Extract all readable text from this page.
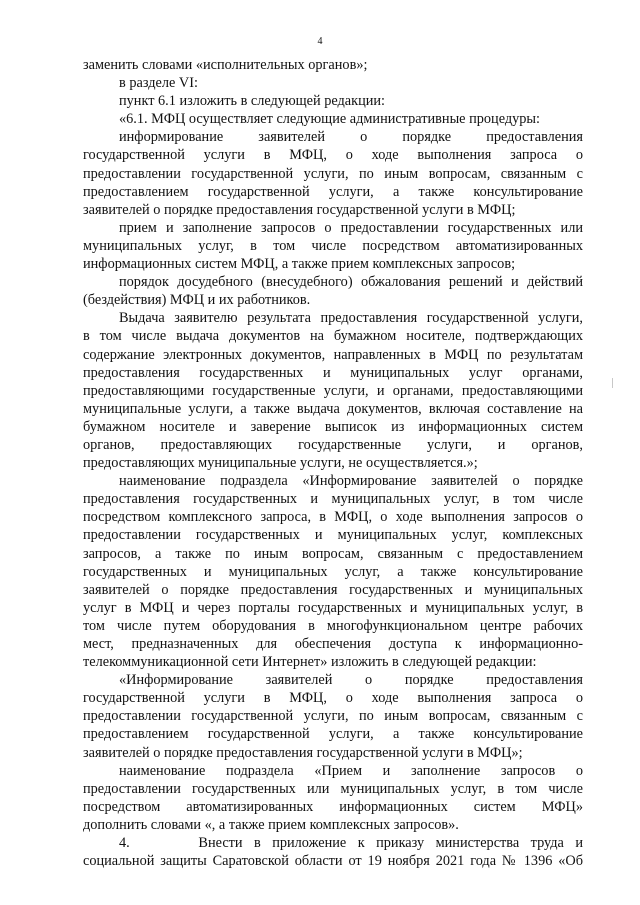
4
заменить словами «исполнительных органов»;
в разделе VI:
пункт 6.1 изложить в следующей редакции:
«6.1. МФЦ осуществляет следующие административные процедуры:
информирование заявителей о порядке предоставления
государственной услуги в МФЦ, о ходе выполнения запроса о
предоставлении государственной услуги, по иным вопросам, связанным с
предоставлением государственной услуги, а также консультирование
заявителей о порядке предоставления государственной услуги в МФЦ;
прием и заполнение запросов о предоставлении государственных или
муниципальных услуг, в том числе посредством автоматизированных
информационных систем МФЦ, а также прием комплексных запросов;
порядок досудебного (внесудебного) обжалования решений и действий
(бездействия) МФЦ и их работников.
Выдача заявителю результата предоставления государственной услуги,
в том числе выдача документов на бумажном носителе, подтверждающих
содержание электронных документов, направленных в МФЦ по результатам
предоставления государственных и муниципальных услуг органами,
предоставляющими государственные услуги, и органами, предоставляющими
муниципальные услуги, а также выдача документов, включая составление на
бумажном носителе и заверение выписок из информационных систем
органов, предоставляющих государственные услуги, и органов,
предоставляющих муниципальные услуги, не осуществляется.»;
наименование подраздела «Информирование заявителей о порядке
предоставления государственных и муниципальных услуг, в том числе
посредством комплексного запроса, в МФЦ, о ходе выполнения запросов о
предоставлении государственных и муниципальных услуг, комплексных
запросов, а также по иным вопросам, связанным с предоставлением
государственных и муниципальных услуг, а также консультирование
заявителей о порядке предоставления государственных и муниципальных
услуг в МФЦ и через порталы государственных и муниципальных услуг, в
том числе путем оборудования в многофункциональном центре рабочих
мест, предназначенных для обеспечения доступа к информационно-
телекоммуникационной сети Интернет» изложить в следующей редакции:
«Информирование заявителей о порядке предоставления
государственной услуги в МФЦ, о ходе выполнения запроса о
предоставлении государственной услуги, по иным вопросам, связанным с
предоставлением государственной услуги, а также консультирование
заявителей о порядке предоставления государственной услуги в МФЦ»;
наименование подраздела «Прием и заполнение запросов о
предоставлении государственных или муниципальных услуг, в том числе
посредством автоматизированных информационных систем МФЦ»
дополнить словами «, а также прием комплексных запросов».
4.      Внести в приложение к приказу министерства труда и
социальной защиты Саратовской области от 19 ноября 2021 года № 1396 «Об
